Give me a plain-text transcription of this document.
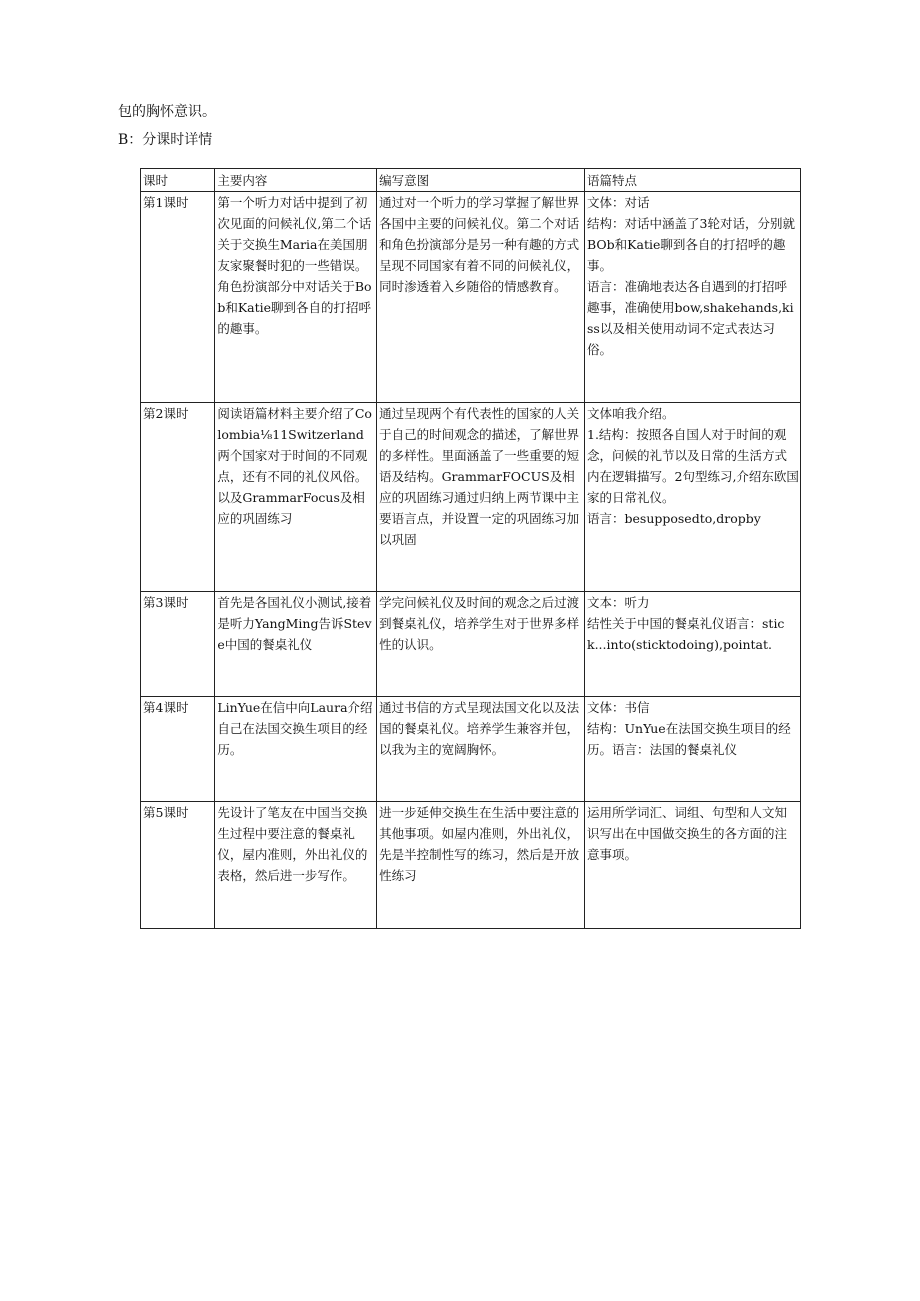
包的胸怀意识。
B：分课时详情
课时	主要内容	编写意图	语篇特点
第1课时	第一个听力对话中提到了初次见面的问候礼仪,第二个话关于交换生Maria在美国朋友家聚餐时犯的一些错误。角色扮演部分中对话关于Bob和Katie聊到各自的打招呼的趣事。	通过对一个听力的学习掌握了解世界各国中主要的问候礼仪。第二个对话和角色扮演部分是另一种有趣的方式呈现不同国家有着不同的问候礼仪，同时渗透着入乡随俗的情感教育。	文体：对话
结构：对话中涵盖了3轮对话，分别就BOb和Katie聊到各自的打招呼的趣事。
语言：准确地表达各自遇到的打招呼趣事，准确使用bow,shakehands,kiss以及相关使用动词不定式表达习俗。

第2课时	阅读语篇材料主要介绍了Colombia⅛11Switzerland两个国家对于时间的不同观点，还有不同的礼仪风俗。以及GrammarFocus及相应的巩固练习	通过呈现两个有代表性的国家的人关于自己的时间观念的描述，了解世界的多样性。里面涵盖了一些重要的短语及结构。GrammarFOCUS及相应的巩固练习通过归纳上两节课中主要语言点，并设置一定的巩固练习加以巩固	文体咱我介绍。
1.结构：按照各自国人对于时间的观念，问候的礼节以及日常的生活方式内在逻辑描写。2句型练习,介绍东欧国家的日常礼仪。
语言：besupposedto,dropby

第3课时	首先是各国礼仪小测试,接着是听力YangMing告诉Steve中国的餐桌礼仪	学完问候礼仪及时间的观念之后过渡到餐桌礼仪，培养学生对于世界多样性的认识。	文本：听力
结性关于中国的餐桌礼仪语言：stick...into(sticktodoing),pointat.

第4课时	LinYue在信中向Laura介绍自己在法国交换生项目的经历。	通过书信的方式呈现法国文化以及法国的餐桌礼仪。培养学生兼容并包，以我为主的宽阔胸怀。	文体：书信
结构：UnYue在法国交换生项目的经历。语言：法国的餐桌礼仪

第5课时	先设计了笔友在中国当交换生过程中要注意的餐桌礼仪，屋内准则，外出礼仪的表格，然后进一步写作。	进一步延伸交换生在生活中要注意的其他事项。如屋内准则，外出礼仪，先是半控制性写的练习，然后是开放性练习	运用所学词汇、词组、句型和人文知识写出在中国做交换生的各方面的注意事项。
